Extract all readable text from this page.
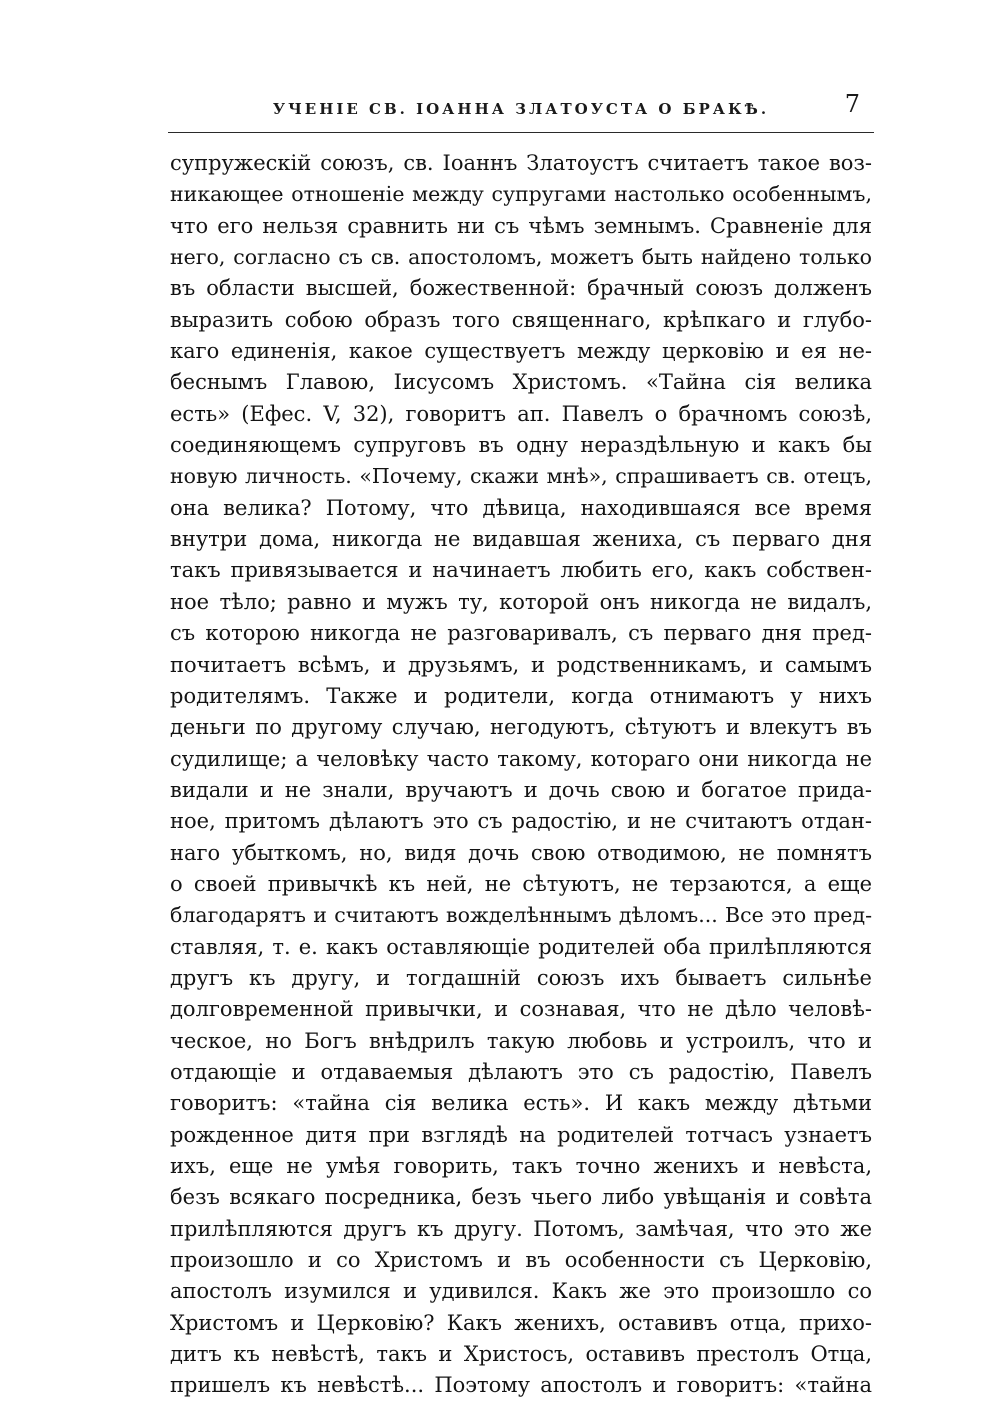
УЧЕНІЕ СВ. ІОАННА ЗЛАТОУСТА О БРАКѢ.	7
супружескій союзъ, св. Іоаннъ Златоустъ считаетъ такое воз-
никающее отношеніе между супругами настолько особеннымъ,
что его нельзя сравнить ни съ чѣмъ земнымъ. Сравненіе для
него, согласно съ св. апостоломъ, можетъ быть найдено только
въ области высшей, божественной: брачный союзъ долженъ
выразить собою образъ того священнаго, крѣпкаго и глубо-
каго единенія, какое существуетъ между церковію и ея не-
беснымъ Главою, Іисусомъ Христомъ. «Тайна сія велика
есть» (Ефес. V, 32), говоритъ ап. Павелъ о брачномъ союзѣ,
соединяющемъ супруговъ въ одну нераздѣльную и какъ бы
новую личность. «Почему, скажи мнѣ», спрашиваетъ св. отецъ,
она велика? Потому, что дѣвица, находившаяся все время
внутри дома, никогда не видавшая жениха, съ перваго дня
такъ привязывается и начинаетъ любить его, какъ собствен-
ное тѣло; равно и мужъ ту, которой онъ никогда не видалъ,
съ которою никогда не разговаривалъ, съ перваго дня пред-
почитаетъ всѣмъ, и друзьямъ, и родственникамъ, и самымъ
родителямъ. Также и родители, когда отнимаютъ у нихъ
деньги по другому случаю, негодуютъ, сѣтуютъ и влекутъ въ
судилище; а человѣку часто такому, котораго они никогда не
видали и не знали, вручаютъ и дочь свою и богатое прида-
ное, притомъ дѣлаютъ это съ радостію, и не считаютъ отдан-
наго убыткомъ, но, видя дочь свою отводимою, не помнятъ
о своей привычкѣ къ ней, не сѣтуютъ, не терзаются, а еще
благодарятъ и считаютъ вожделѣннымъ дѣломъ... Все это пред-
ставляя, т. е. какъ оставляющіе родителей оба прилѣпляются
другъ къ другу, и тогдашній союзъ ихъ бываетъ сильнѣе
долговременной привычки, и сознавая, что не дѣло человѣ-
ческое, но Богъ внѣдрилъ такую любовь и устроилъ, что и
отдающіе и отдаваемыя дѣлаютъ это съ радостію, Павелъ
говоритъ: «тайна сія велика есть». И какъ между дѣтьми
рожденное дитя при взглядѣ на родителей тотчасъ узнаетъ
ихъ, еще не умѣя говорить, такъ точно женихъ и невѣста,
безъ всякаго посредника, безъ чьего либо увѣщанія и совѣта
прилѣпляются другъ къ другу. Потомъ, замѣчая, что это же
произошло и со Христомъ и въ особенности съ Церковію,
апостолъ изумился и удивился. Какъ же это произошло со
Христомъ и Церковію? Какъ женихъ, оставивъ отца, прихо-
дитъ къ невѣстѣ, такъ и Христосъ, оставивъ престолъ Отца,
пришелъ къ невѣстѣ... Поэтому апостолъ и говоритъ: «тайна
